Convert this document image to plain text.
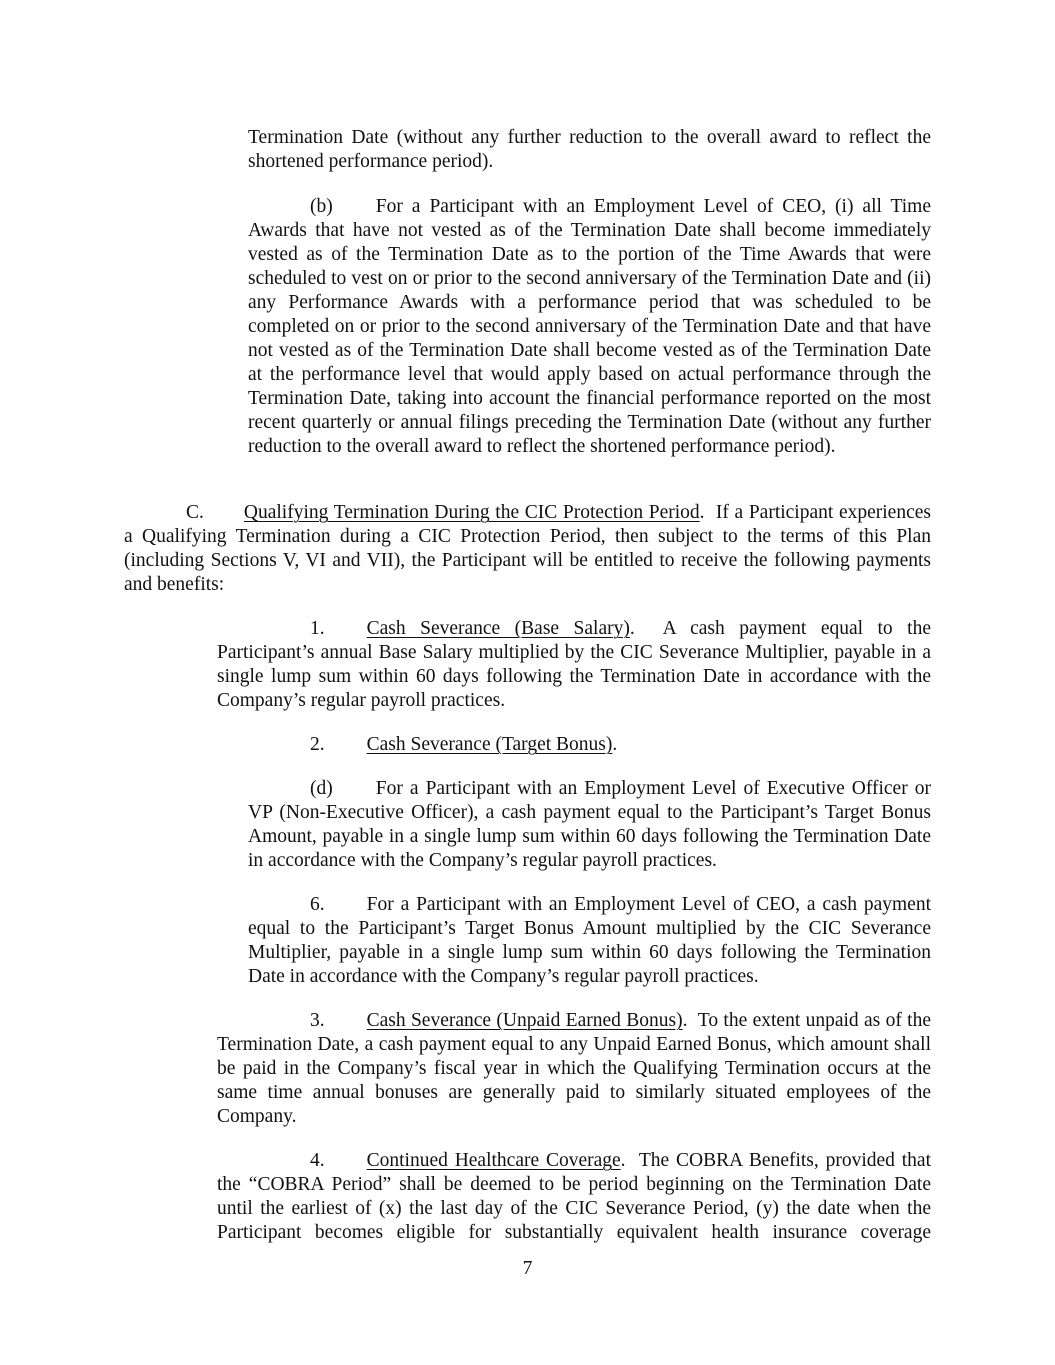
Termination Date (without any further reduction to the overall award to reflect the shortened performance period).

(b) For a Participant with an Employment Level of CEO, (i) all Time Awards that have not vested as of the Termination Date shall become immediately vested as of the Termination Date as to the portion of the Time Awards that were scheduled to vest on or prior to the second anniversary of the Termination Date and (ii) any Performance Awards with a performance period that was scheduled to be completed on or prior to the second anniversary of the Termination Date and that have not vested as of the Termination Date shall become vested as of the Termination Date at the performance level that would apply based on actual performance through the Termination Date, taking into account the financial performance reported on the most recent quarterly or annual filings preceding the Termination Date (without any further reduction to the overall award to reflect the shortened performance period).

C. Qualifying Termination During the CIC Protection Period.  If a Participant experiences a Qualifying Termination during a CIC Protection Period, then subject to the terms of this Plan (including Sections V, VI and VII), the Participant will be entitled to receive the following payments and benefits:

1. Cash Severance (Base Salary).  A cash payment equal to the Participant’s annual Base Salary multiplied by the CIC Severance Multiplier, payable in a single lump sum within 60 days following the Termination Date in accordance with the Company’s regular payroll practices.

2. Cash Severance (Target Bonus).

(d) For a Participant with an Employment Level of Executive Officer or VP (Non-Executive Officer), a cash payment equal to the Participant’s Target Bonus Amount, payable in a single lump sum within 60 days following the Termination Date in accordance with the Company’s regular payroll practices.

6. For a Participant with an Employment Level of CEO, a cash payment equal to the Participant’s Target Bonus Amount multiplied by the CIC Severance Multiplier, payable in a single lump sum within 60 days following the Termination Date in accordance with the Company’s regular payroll practices.

3. Cash Severance (Unpaid Earned Bonus).  To the extent unpaid as of the Termination Date, a cash payment equal to any Unpaid Earned Bonus, which amount shall be paid in the Company’s fiscal year in which the Qualifying Termination occurs at the same time annual bonuses are generally paid to similarly situated employees of the Company.

4. Continued Healthcare Coverage.  The COBRA Benefits, provided that the “COBRA Period” shall be deemed to be period beginning on the Termination Date until the earliest of (x) the last day of the CIC Severance Period, (y) the date when the Participant becomes eligible for substantially equivalent health insurance coverage

7
